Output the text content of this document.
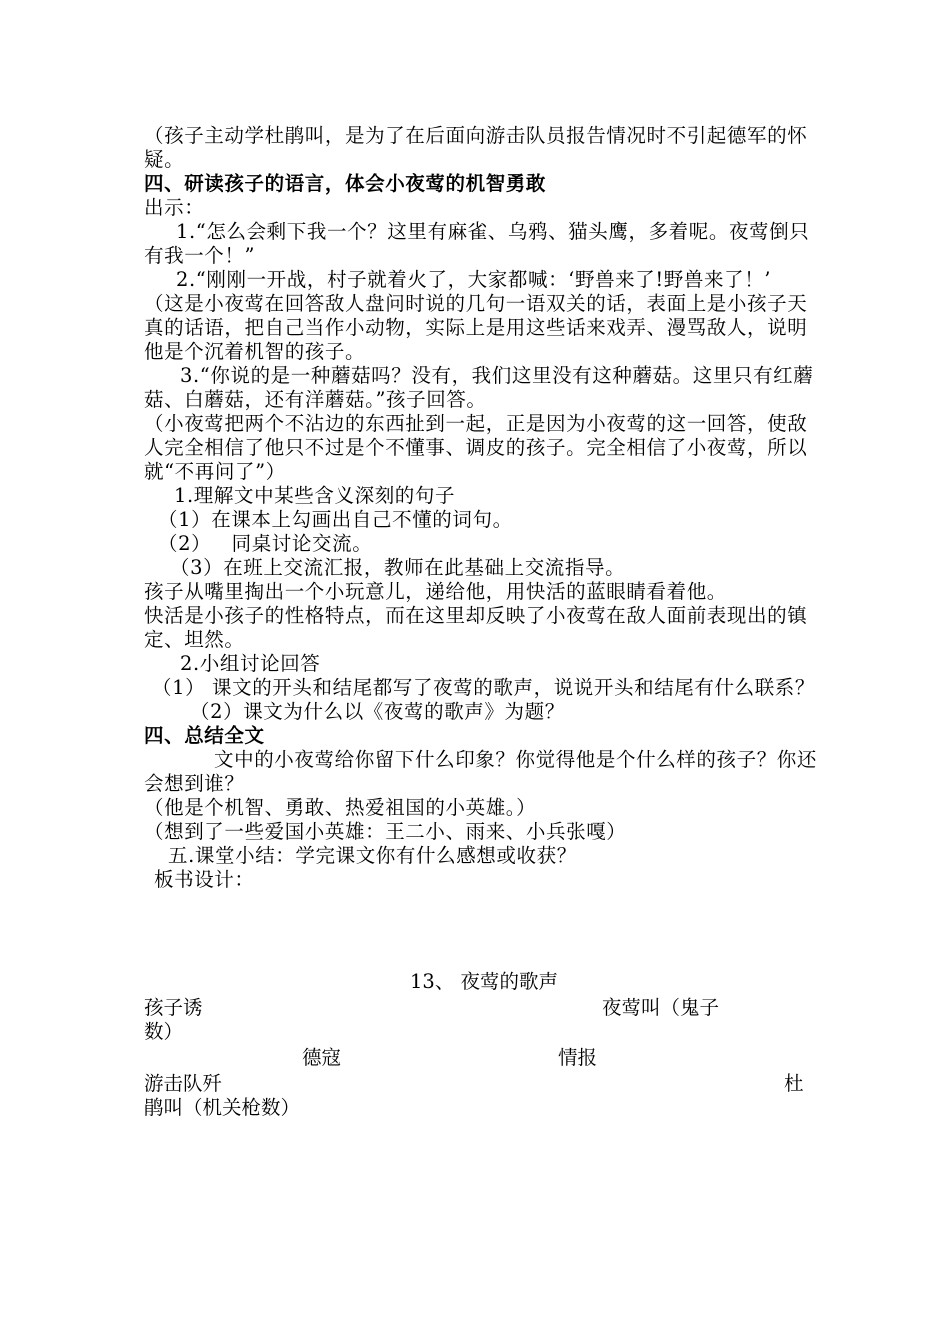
（孩子主动学杜鹃叫，是为了在后面向游击队员报告情况时不引起德军的怀疑。

四、研读孩子的语言，体会小夜莺的机智勇敢

出示：

1.“怎么会剩下我一个？这里有麻雀、乌鸦、猫头鹰，多着呢。夜莺倒只有我一个！”

2.“刚刚一开战，村子就着火了，大家都喊：‘野兽来了!野兽来了！’

（这是小夜莺在回答敌人盘问时说的几句一语双关的话，表面上是小孩子天真的话语，把自己当作小动物，实际上是用这些话来戏弄、漫骂敌人，说明他是个沉着机智的孩子。

3.“你说的是一种蘑菇吗？没有，我们这里没有这种蘑菇。这里只有红蘑菇、白蘑菇，还有洋蘑菇。”孩子回答。

（小夜莺把两个不沾边的东西扯到一起，正是因为小夜莺的这一回答，使敌人完全相信了他只不过是个不懂事、调皮的孩子。完全相信了小夜莺，所以就“不再问了”）

1.理解文中某些含义深刻的句子

（1）在课本上勾画出自己不懂的词句。

（2）   同桌讨论交流。

（3）在班上交流汇报，教师在此基础上交流指导。

孩子从嘴里掏出一个小玩意儿，递给他，用快活的蓝眼睛看着他。

快活是小孩子的性格特点，而在这里却反映了小夜莺在敌人面前表现出的镇定、坦然。

2.小组讨论回答

（1） 课文的开头和结尾都写了夜莺的歌声，说说开头和结尾有什么联系？

（2）课文为什么以《夜莺的歌声》为题？

四、总结全文

文中的小夜莺给你留下什么印象？你觉得他是个什么样的孩子？你还会想到谁？

（他是个机智、勇敢、热爱祖国的小英雄。）

（想到了一些爱国小英雄：王二小、雨来、小兵张嘎）

五.课堂小结：学完课文你有什么感想或收获？

板书设计：

13、 夜莺的歌声
孩子诱	夜莺叫（鬼子
数）
德寇	情报
游击队歼	杜
鹃叫（机关枪数）
